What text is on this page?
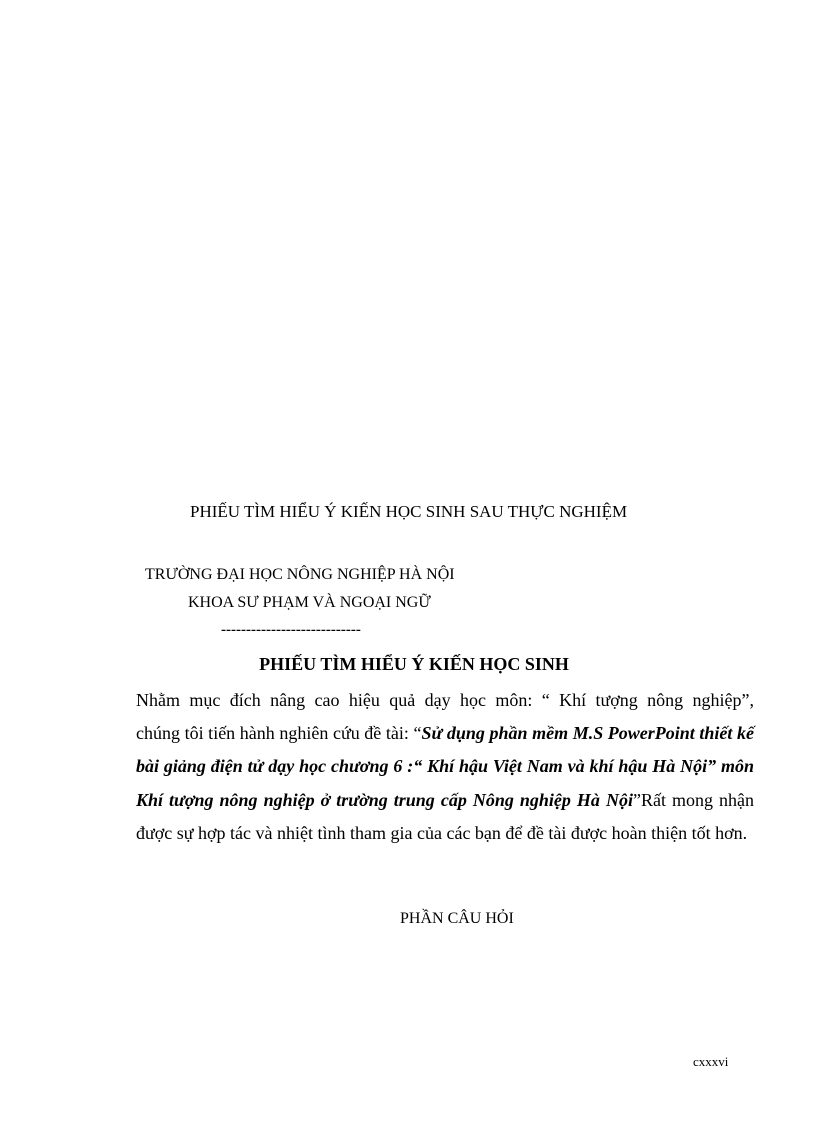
PHIẾU TÌM HIỂU Ý KIẾN HỌC SINH SAU THỰC NGHIỆM
TRƯỜNG ĐẠI HỌC NÔNG NGHIỆP HÀ NỘI
KHOA SƯ PHẠM VÀ NGOẠI NGỮ
----------------------------
PHIẾU TÌM HIỂU Ý KIẾN HỌC SINH
Nhằm mục đích nâng cao hiệu quả dạy học môn: “ Khí tượng nông nghiệp”,
chúng tôi tiến hành nghiên cứu đề tài: “Sử dụng phần mềm M.S PowerPoint thiết kế bài giảng điện tử dạy học chương 6 :“ Khí hậu Việt Nam và khí hậu Hà Nội” môn Khí tượng nông nghiệp ở trường trung cấp Nông nghiệp Hà Nội”Rất mong nhận được sự hợp tác và nhiệt tình tham gia của các bạn để đề tài được hoàn thiện tốt hơn.
PHẦN CÂU HỎI
cxxxvi
